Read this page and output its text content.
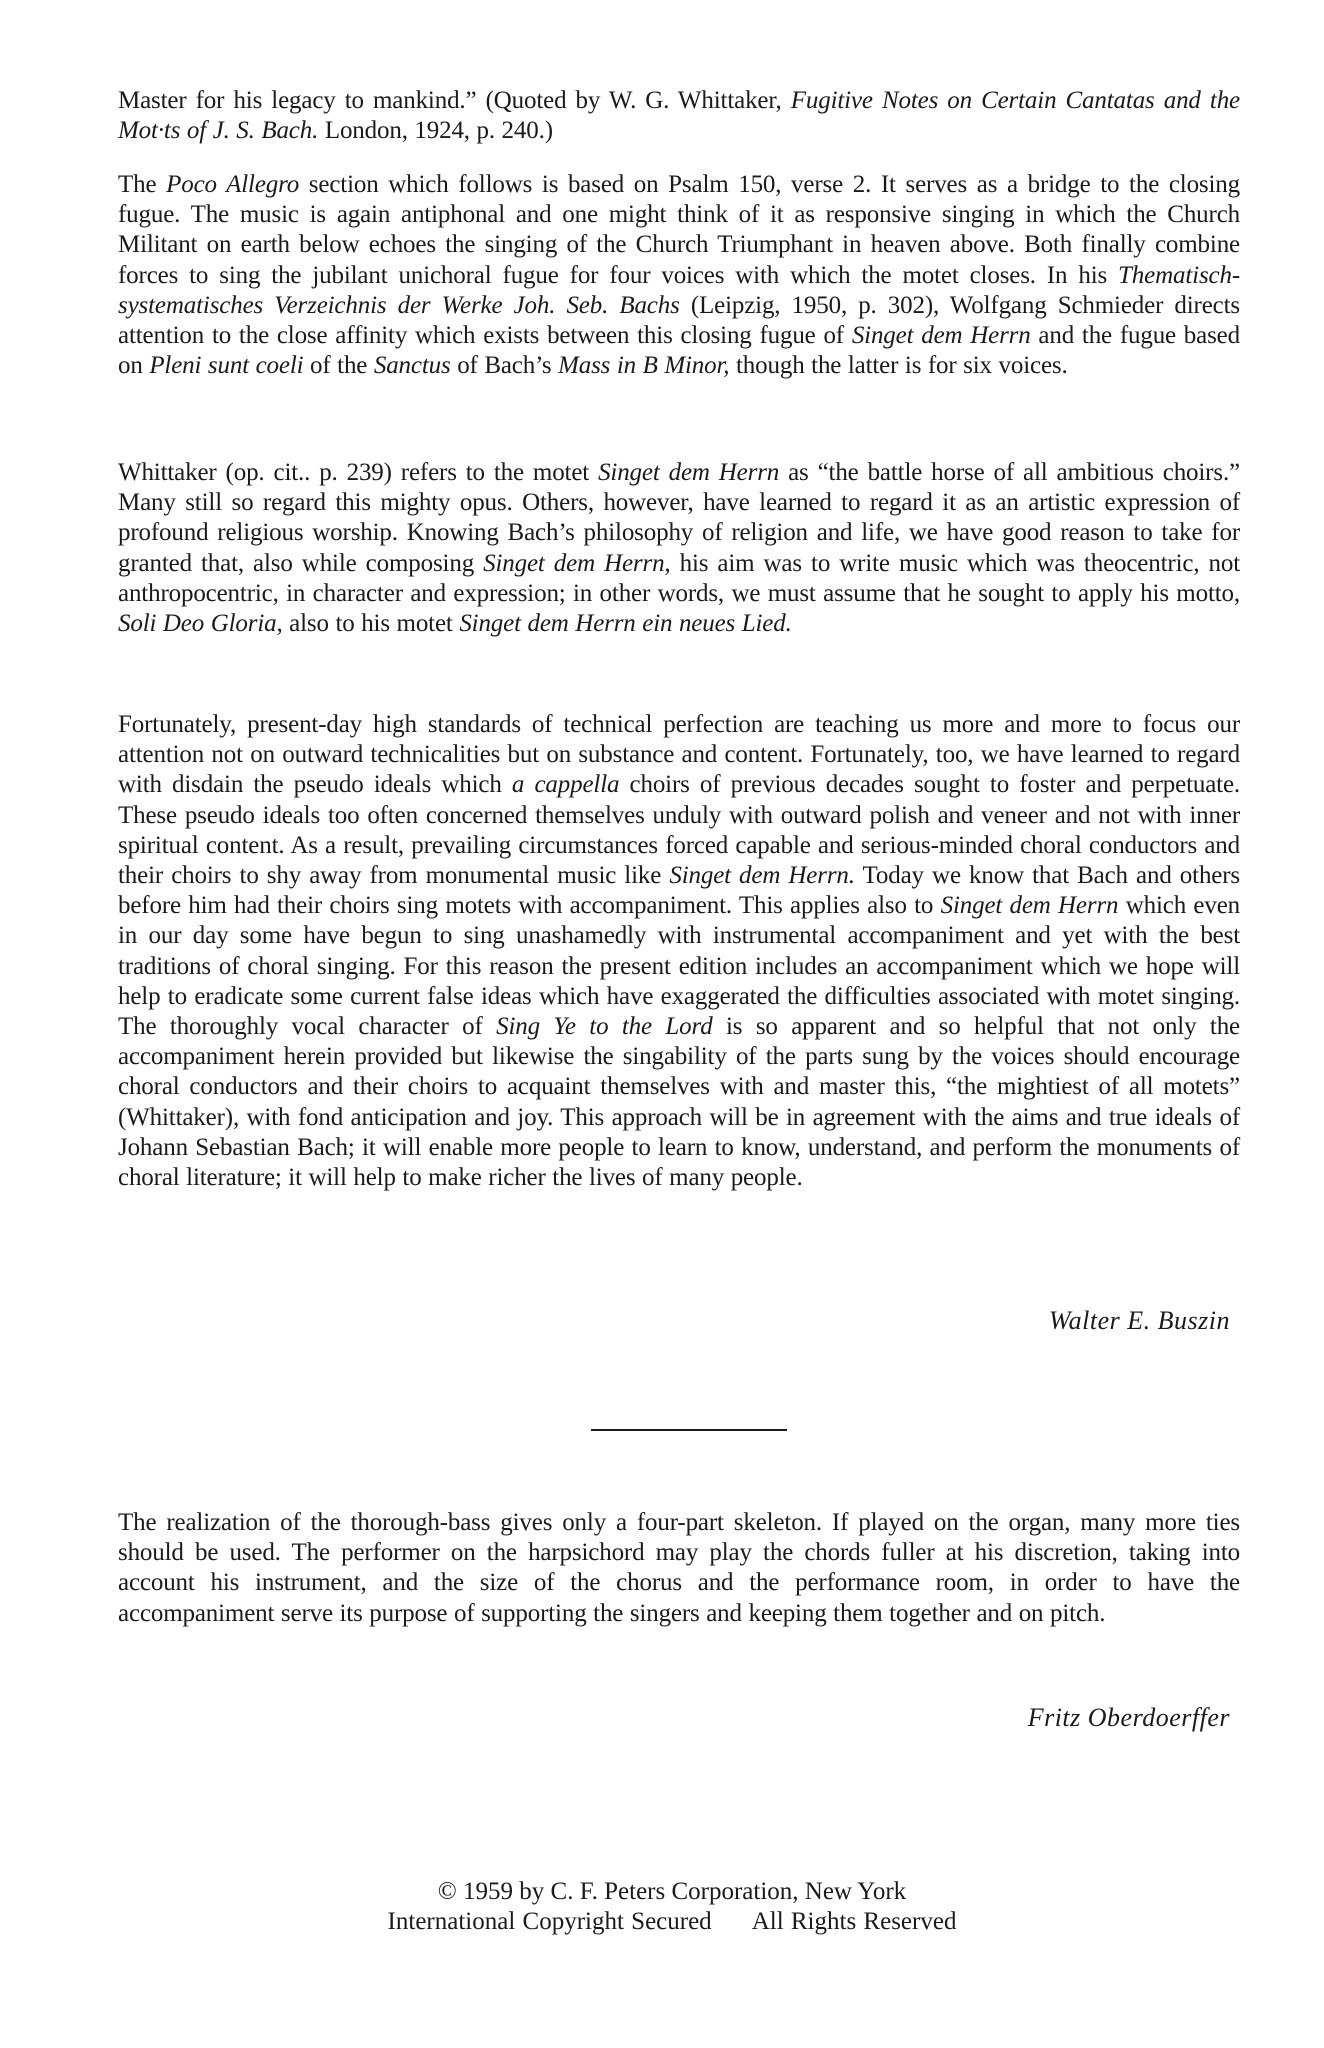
Master for his legacy to mankind.” (Quoted by W. G. Whittaker, Fugitive Notes on Certain Cantatas and the Mot·ts of J. S. Bach. London, 1924, p. 240.)

The Poco Allegro section which follows is based on Psalm 150, verse 2. It serves as a bridge to the closing fugue. The music is again antiphonal and one might think of it as responsive singing in which the Church Militant on earth below echoes the singing of the Church Triumphant in heaven above. Both finally combine forces to sing the jubilant unichoral fugue for four voices with which the motet closes. In his Thematisch-systematisches Verzeichnis der Werke Joh. Seb. Bachs (Leipzig, 1950, p. 302), Wolfgang Schmieder directs attention to the close affinity which exists between this closing fugue of Singet dem Herrn and the fugue based on Pleni sunt coeli of the Sanctus of Bach’s Mass in B Minor, though the latter is for six voices.

Whittaker (op. cit.. p. 239) refers to the motet Singet dem Herrn as “the battle horse of all ambitious choirs.” Many still so regard this mighty opus. Others, however, have learned to regard it as an artistic expression of profound religious worship. Knowing Bach’s philosophy of religion and life, we have good reason to take for granted that, also while composing Singet dem Herrn, his aim was to write music which was theocentric, not anthropocentric, in character and expression; in other words, we must assume that he sought to apply his motto, Soli Deo Gloria, also to his motet Singet dem Herrn ein neues Lied.

Fortunately, present-day high standards of technical perfection are teaching us more and more to focus our attention not on outward technicalities but on substance and content. Fortunately, too, we have learned to regard with disdain the pseudo ideals which a cappella choirs of previous decades sought to foster and perpetuate. These pseudo ideals too often concerned themselves unduly with outward polish and veneer and not with inner spiritual content. As a result, prevailing circumstances forced capable and serious-minded choral conductors and their choirs to shy away from monumental music like Singet dem Herrn. Today we know that Bach and others before him had their choirs sing motets with accompaniment. This applies also to Singet dem Herrn which even in our day some have begun to sing unashamedly with instrumental accompaniment and yet with the best traditions of choral singing. For this reason the present edition includes an accompaniment which we hope will help to eradicate some current false ideas which have exaggerated the difficulties associated with motet singing. The thoroughly vocal character of Sing Ye to the Lord is so apparent and so helpful that not only the accompaniment herein provided but likewise the singability of the parts sung by the voices should encourage choral conductors and their choirs to acquaint themselves with and master this, “the mightiest of all motets” (Whittaker), with fond anticipation and joy. This approach will be in agreement with the aims and true ideals of Johann Sebastian Bach; it will enable more people to learn to know, understand, and perform the monuments of choral literature; it will help to make richer the lives of many people.

Walter E. Buszin

The realization of the thorough-bass gives only a four-part skeleton. If played on the organ, many more ties should be used. The performer on the harpsichord may play the chords fuller at his discretion, taking into account his instrument, and the size of the chorus and the performance room, in order to have the accompaniment serve its purpose of supporting the singers and keeping them together and on pitch.

Fritz Oberdoerffer

© 1959 by C. F. Peters Corporation, New York

International Copyright Secured All Rights Reserved
